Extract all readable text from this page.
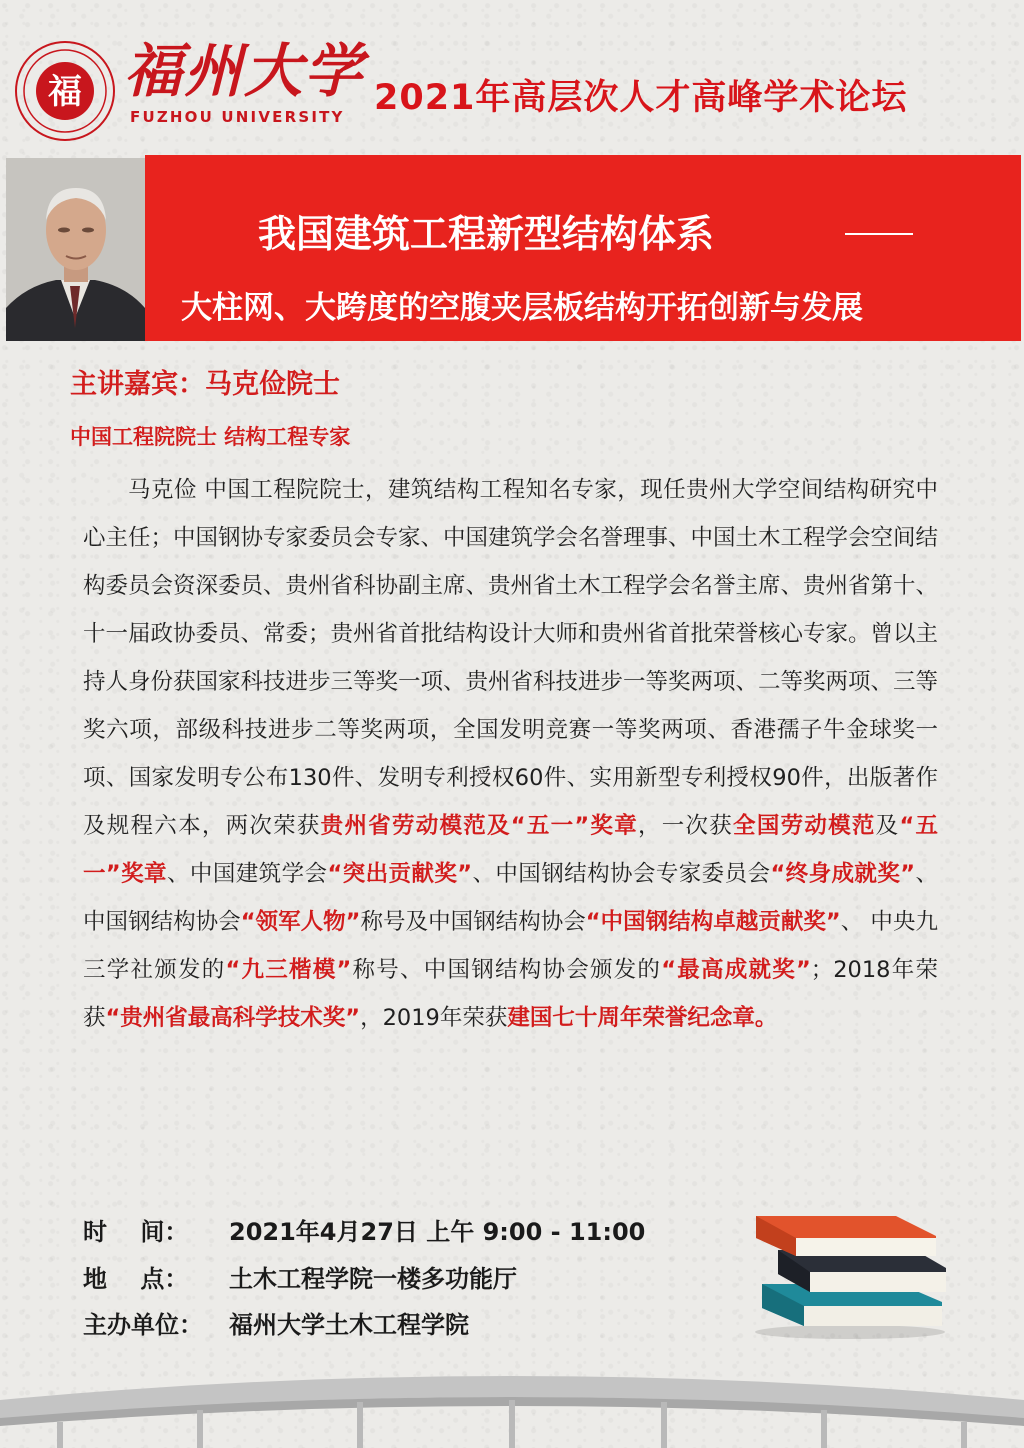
福 福州大学
FUZHOU UNIVERSITY 2021年高层次人才高峰学术论坛
我国建筑工程新型结构体系
大柱网、大跨度的空腹夹层板结构开拓创新与发展
主讲嘉宾：马克俭院士
中国工程院院士 结构工程专家

马克俭 中国工程院院士，建筑结构工程知名专家，现任贵州大学空间结构研究中心主任；中国钢协专家委员会专家、中国建筑学会名誉理事、中国土木工程学会空间结构委员会资深委员、贵州省科协副主席、贵州省土木工程学会名誉主席、贵州省第十、十一届政协委员、常委；贵州省首批结构设计大师和贵州省首批荣誉核心专家。曾以主持人身份获国家科技进步三等奖一项、贵州省科技进步一等奖两项、二等奖两项、三等奖六项，部级科技进步二等奖两项，全国发明竞赛一等奖两项、香港孺子牛金球奖一项、国家发明专公布130件、发明专利授权60件、实用新型专利授权90件，出版著作及规程六本，两次荣获贵州省劳动模范及“五一”奖章，一次获全国劳动模范及“五一”奖章、中国建筑学会“突出贡献奖”、中国钢结构协会专家委员会“终身成就奖”、中国钢结构协会“领军人物”称号及中国钢结构协会“中国钢结构卓越贡献奖”、 中央九三学社颁发的“九三楷模”称号、中国钢结构协会颁发的“最高成就奖”；2018年荣获“贵州省最高科学技术奖”，2019年荣获建国七十周年荣誉纪念章。

时    间： 2021年4月27日 上午 9:00 - 11:00
地    点： 土木工程学院一楼多功能厅
主办单位： 福州大学土木工程学院
